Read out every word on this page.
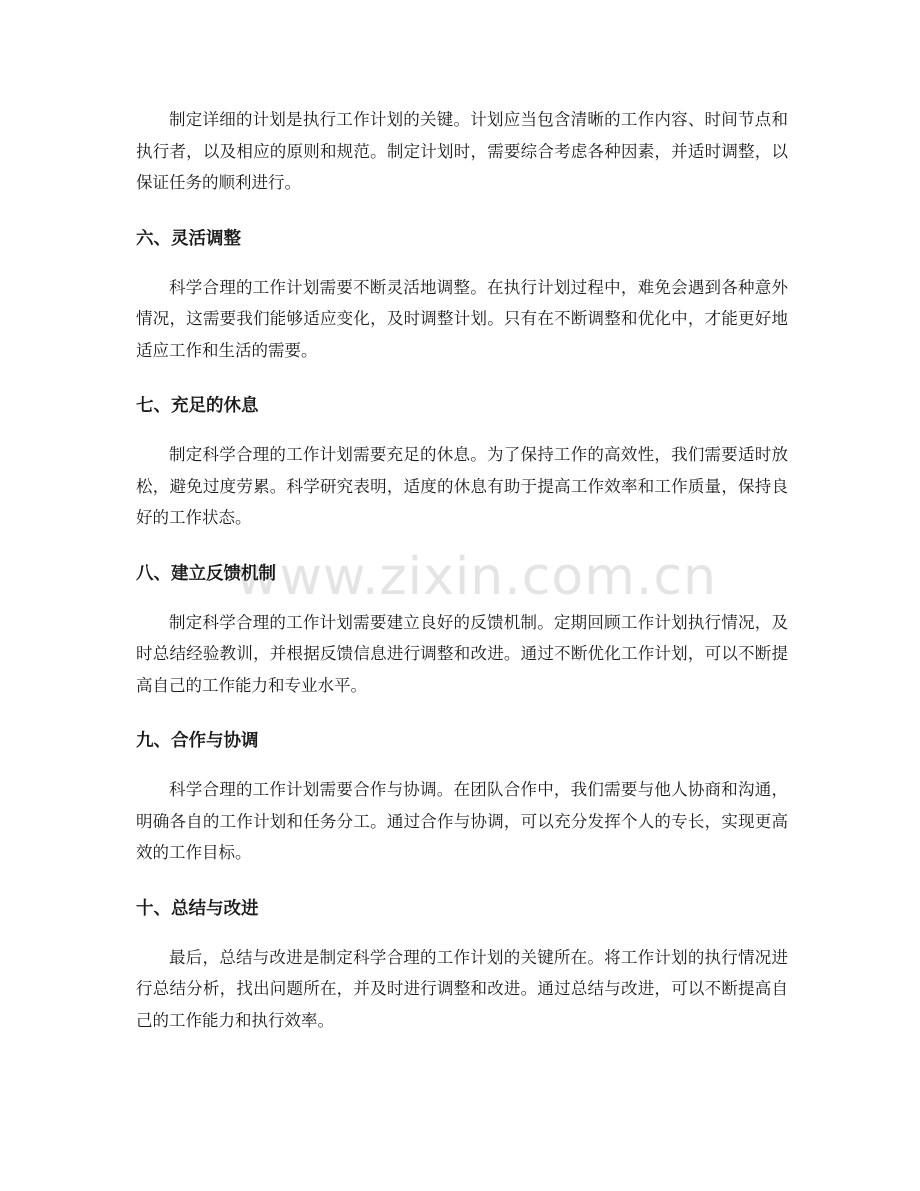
www.zixin.com.cn

制定详细的计划是执行工作计划的关键。计划应当包含清晰的工作内容、时间节点和执行者，以及相应的原则和规范。制定计划时，需要综合考虑各种因素，并适时调整，以保证任务的顺利进行。

六、灵活调整

科学合理的工作计划需要不断灵活地调整。在执行计划过程中，难免会遇到各种意外情况，这需要我们能够适应变化，及时调整计划。只有在不断调整和优化中，才能更好地适应工作和生活的需要。

七、充足的休息

制定科学合理的工作计划需要充足的休息。为了保持工作的高效性，我们需要适时放松，避免过度劳累。科学研究表明，适度的休息有助于提高工作效率和工作质量，保持良好的工作状态。

八、建立反馈机制

制定科学合理的工作计划需要建立良好的反馈机制。定期回顾工作计划执行情况，及时总结经验教训，并根据反馈信息进行调整和改进。通过不断优化工作计划，可以不断提高自己的工作能力和专业水平。

九、合作与协调

科学合理的工作计划需要合作与协调。在团队合作中，我们需要与他人协商和沟通，明确各自的工作计划和任务分工。通过合作与协调，可以充分发挥个人的专长，实现更高效的工作目标。

十、总结与改进

最后，总结与改进是制定科学合理的工作计划的关键所在。将工作计划的执行情况进行总结分析，找出问题所在，并及时进行调整和改进。通过总结与改进，可以不断提高自己的工作能力和执行效率。
